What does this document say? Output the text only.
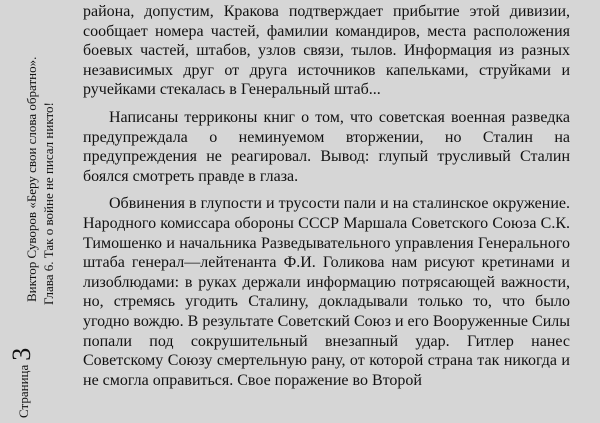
Страница3
Виктор Суворов «Беру свои слова обратно». Глава 6. Так о войне не писал никто!

района, допустим, Кракова подтверждает прибытие этой дивизии, сообщает номера частей, фамилии командиров, места расположения боевых частей, штабов, узлов связи, тылов. Информация из разных независимых друг от друга источников капельками, струйками и ручейками стекалась в Генеральный штаб...

Написаны терриконы книг о том, что советская военная разведка предупреждала о неминуемом вторжении, но Сталин на предупреждения не реагировал. Вывод: глупый трусливый Сталин боялся смотреть правде в глаза.

Обвинения в глупости и трусости пали и на сталинское окружение. Народного комиссара обороны СССР Маршала Советского Союза С.К. Тимошенко и начальника Разведывательного управления Генерального штаба генерал—лейтенанта Ф.И. Голикова нам рисуют кретинами и лизоблюдами: в руках держали информацию потрясающей важности, но, стремясь угодить Сталину, докладывали только то, что было угодно вождю. В результате Советский Союз и его Вооруженные Силы попали под сокрушительный внезапный удар. Гитлер нанес Советскому Союзу смертельную рану, от которой страна так никогда и не смогла оправиться. Свое поражение во Второй
